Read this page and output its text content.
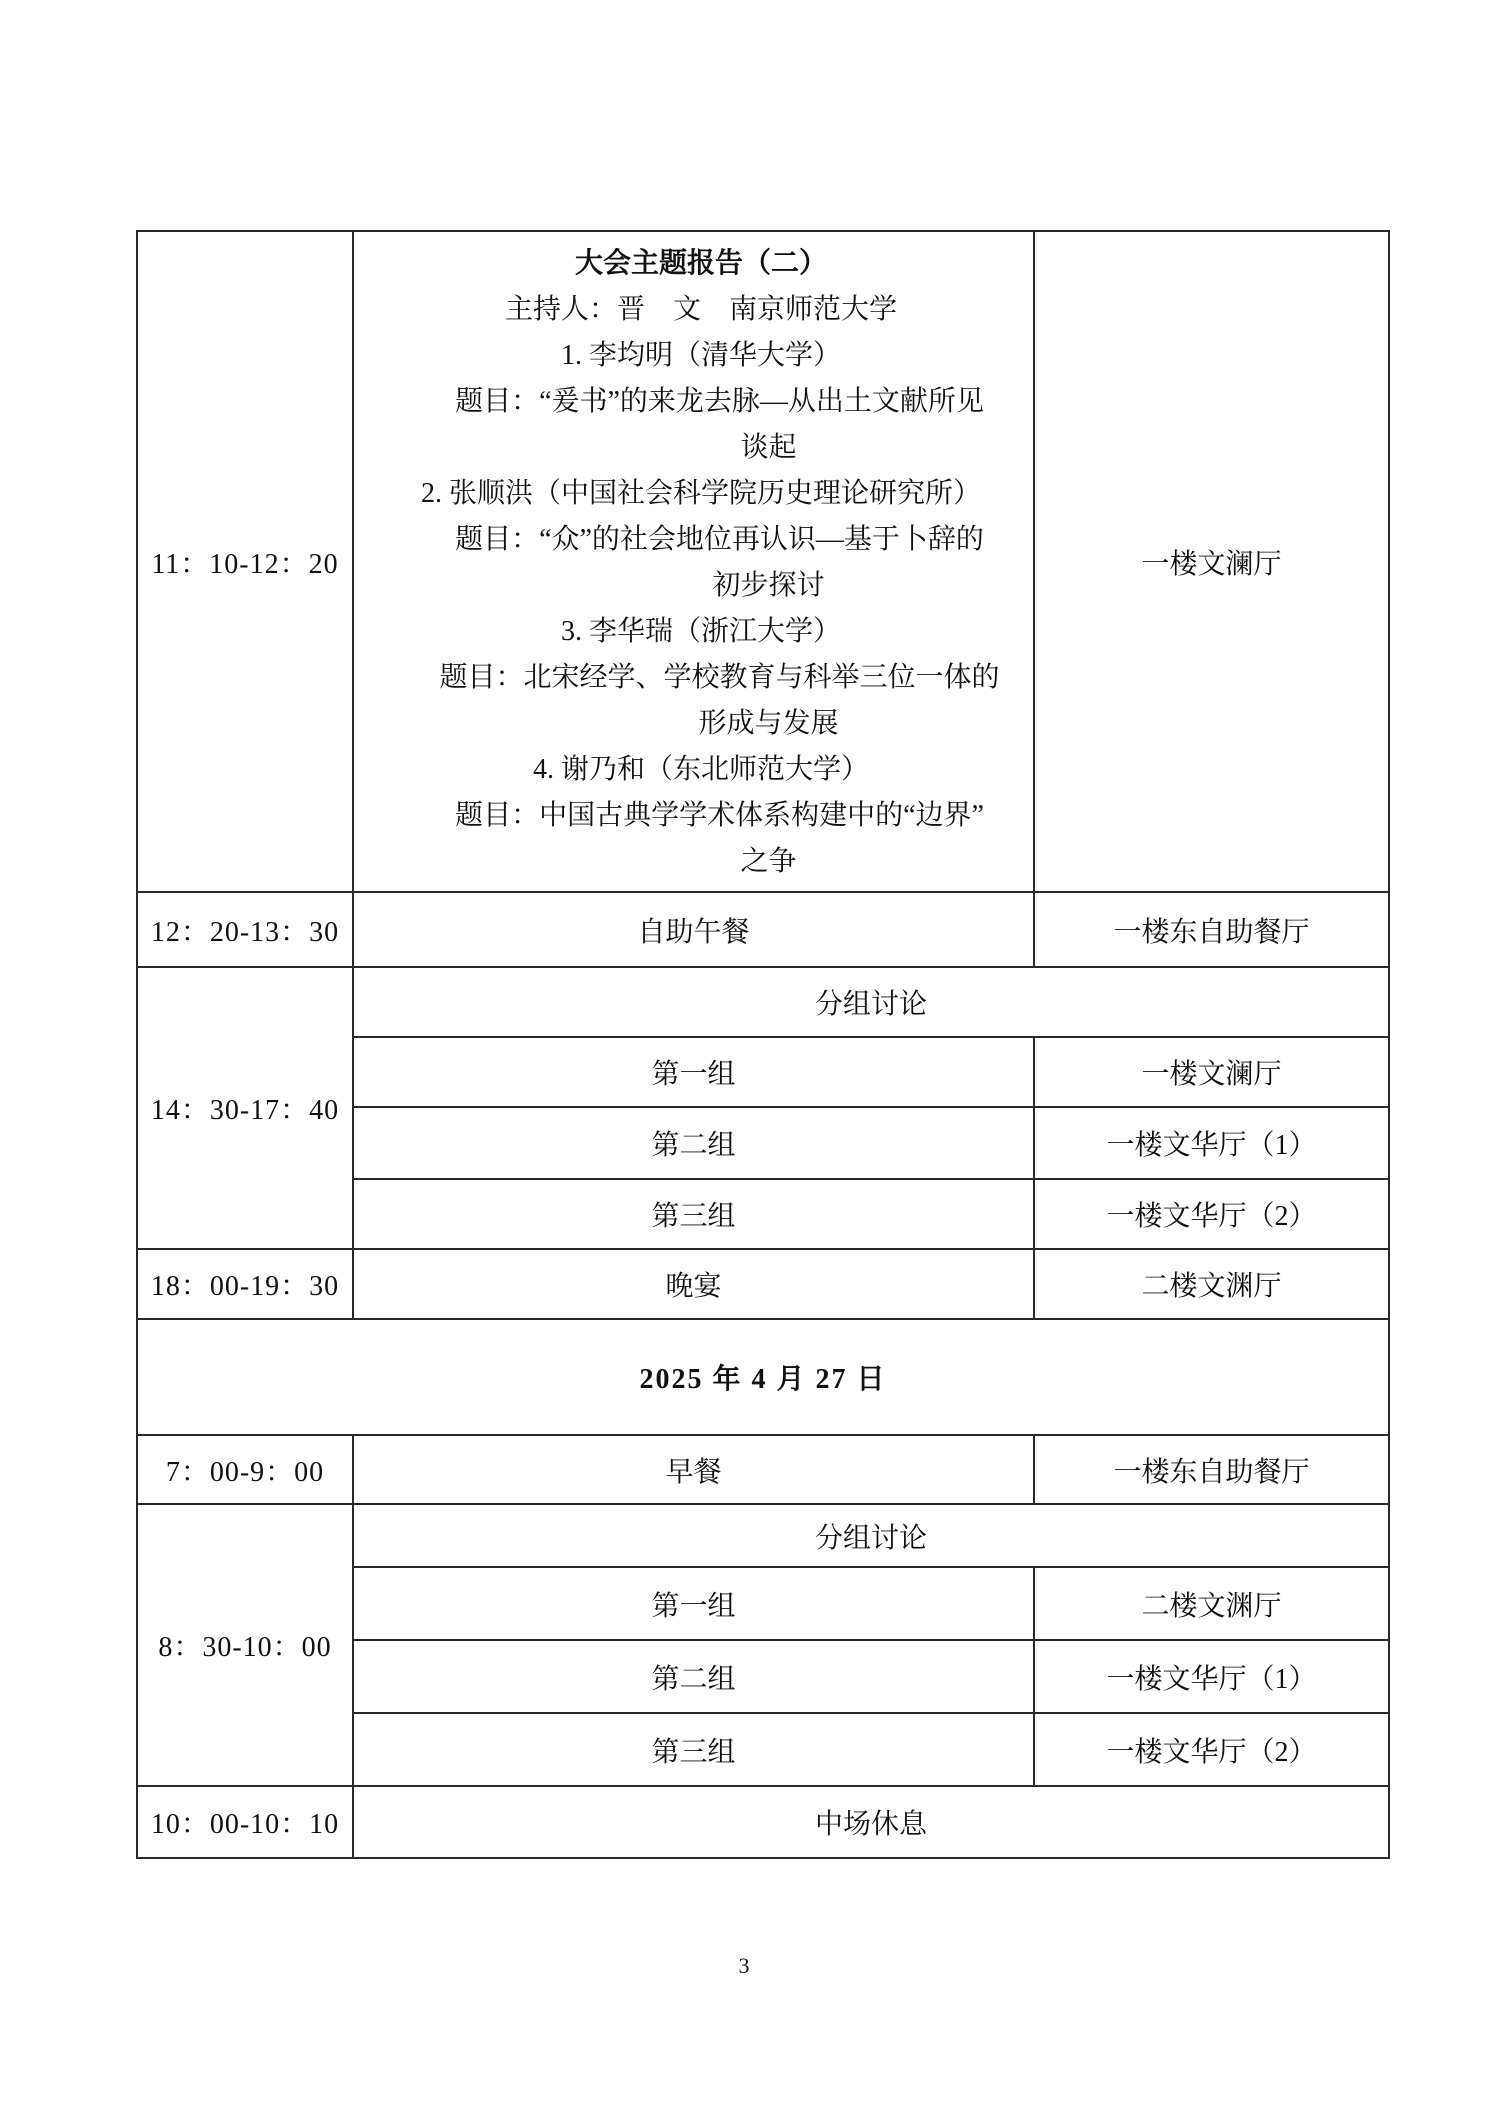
11：10-12：20	
大会主题报告（二）
主持人：晋　文　南京师范大学
1. 李均明（清华大学）
题目：“爰书”的来龙去脉—从出土文献所见
谈起
2. 张顺洪（中国社会科学院历史理论研究所）
题目：“众”的社会地位再认识—基于卜辞的
初步探讨
3. 李华瑞（浙江大学）
题目：北宋经学、学校教育与科举三位一体的
形成与发展
4. 谢乃和（东北师范大学）
题目：中国古典学学术体系构建中的“边界”
之争
	一楼文澜厅
12：20-13：30	自助午餐	一楼东自助餐厅
14：30-17：40	分组讨论	
	第一组	一楼文澜厅
	第二组	一楼文华厅（1）
	第三组	一楼文华厅（2）
18：00-19：30	晚宴	二楼文渊厅
2025 年 4 月 27 日		
7：00-9：00	早餐	一楼东自助餐厅
8：30-10：00	分组讨论	
	第一组	二楼文渊厅
	第二组	一楼文华厅（1）
	第三组	一楼文华厅（2）
10：00-10：10	中场休息	
3
